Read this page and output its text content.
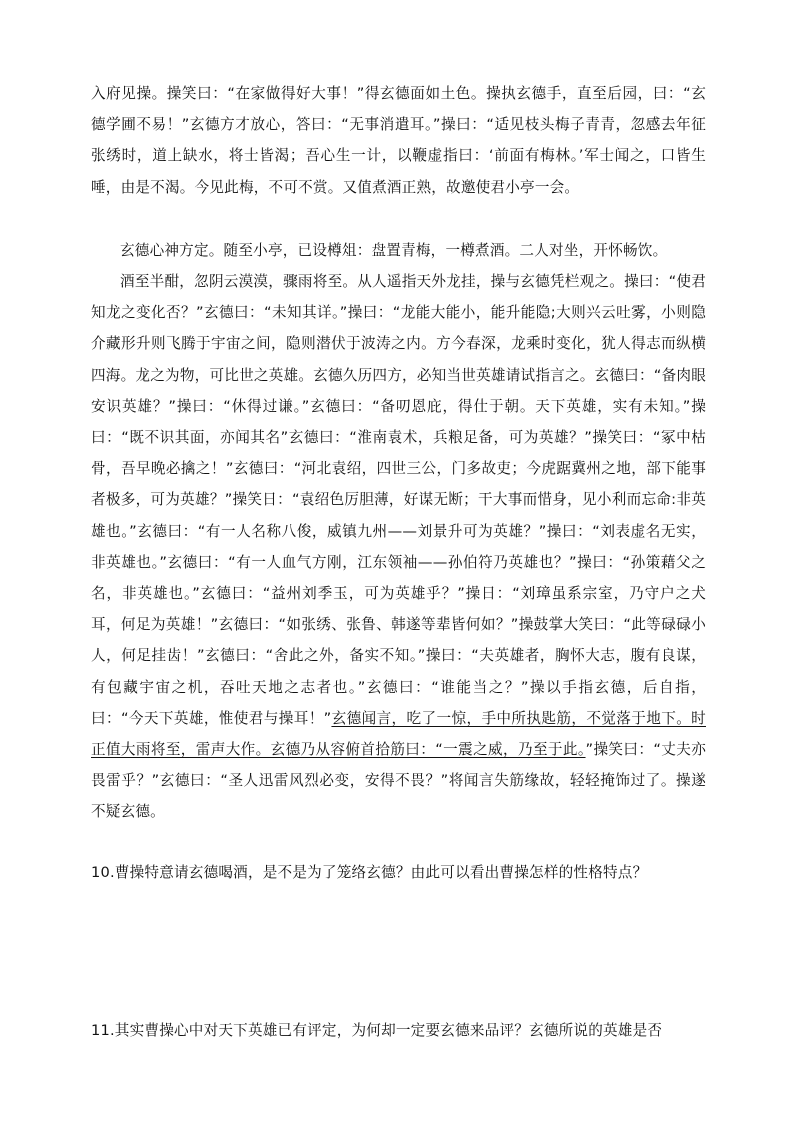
入府见操。操笑曰：“在家做得好大事！”得玄德面如土色。操执玄德手，直至后园，曰：“玄德学圃不易！”玄德方才放心，答曰：“无事消遣耳。”操曰：“适见枝头梅子青青，忽感去年征张绣时，道上缺水，将士皆渴；吾心生一计，以鞭虚指曰：‘前面有梅林。’军士闻之，口皆生唾，由是不渴。今见此梅，不可不赏。又值煮酒正熟，故邀使君小亭一会。

玄德心神方定。随至小亭，已设樽俎：盘置青梅，一樽煮酒。二人对坐，开怀畅饮。

酒至半酣，忽阴云漠漠，骤雨将至。从人遥指天外龙挂，操与玄德凭栏观之。操曰：“使君知龙之变化否？”玄德曰：“未知其详。”操曰：“龙能大能小，能升能隐;大则兴云吐雾，小则隐介藏形升则飞腾于宇宙之间，隐则潜伏于波涛之内。方今春深，龙乘时变化，犹人得志而纵横四海。龙之为物，可比世之英雄。玄德久历四方，必知当世英雄请试指言之。玄德曰：“备肉眼安识英雄？”操曰：“休得过谦。”玄德曰：“备叨恩庇，得仕于朝。天下英雄，实有未知。”操曰：“既不识其面，亦闻其名”玄德曰：“淮南袁术，兵粮足备，可为英雄？”操笑曰：“冢中枯骨，吾早晚必擒之！”玄德曰：“河北袁绍，四世三公，门多故吏；今虎踞冀州之地，部下能事者极多，可为英雄？”操笑日：“袁绍色厉胆薄，好谋无断；干大事而惜身，见小利而忘命:非英雄也。”玄德曰：“有一人名称八俊，威镇九州——刘景升可为英雄？”操曰：“刘表虚名无实，非英雄也。”玄德曰：“有一人血气方刚，江东领袖——孙伯符乃英雄也？”操曰：“孙策藉父之名，非英雄也。”玄德曰：“益州刘季玉，可为英雄乎？”操日：“刘璋虽系宗室，乃守户之犬耳，何足为英雄！”玄德曰：“如张绣、张鲁、韩遂等辈皆何如？”操鼓掌大笑曰：“此等碌碌小人，何足挂齿！”玄德曰：“舍此之外，备实不知。”操曰：“夫英雄者，胸怀大志，腹有良谋，有包藏宇宙之机，吞吐天地之志者也。”玄德曰：“谁能当之？”操以手指玄德，后自指，曰：“今天下英雄，惟使君与操耳！”玄德闻言，吃了一惊，手中所执匙筋，不觉落于地下。时正值大雨将至，雷声大作。玄德乃从容俯首拾筋曰：“一震之威，乃至于此。”操笑曰：“丈夫亦畏雷乎？”玄德曰：“圣人迅雷风烈必变，安得不畏？”将闻言失筋缘故，轻轻掩饰过了。操遂不疑玄德。

10.曹操特意请玄德喝酒，是不是为了笼络玄德？由此可以看出曹操怎样的性格特点？

11.其实曹操心中对天下英雄已有评定，为何却一定要玄德来品评？玄德所说的英雄是否
